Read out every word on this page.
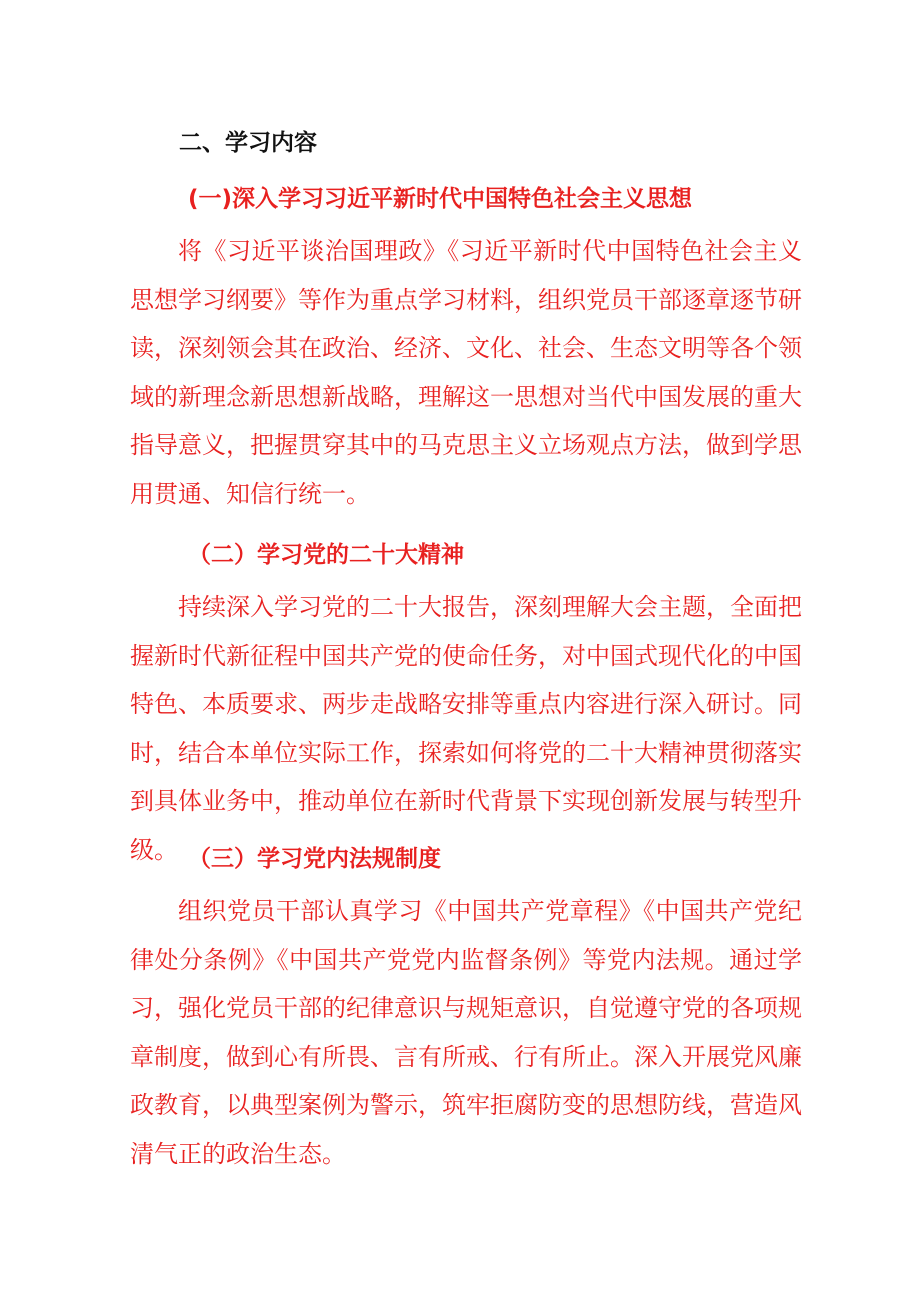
二、学习内容
(一)深入学习习近平新时代中国特色社会主义思想
将《习近平谈治国理政》《习近平新时代中国特色社会主义思想学习纲要》等作为重点学习材料，组织党员干部逐章逐节研读，深刻领会其在政治、经济、文化、社会、生态文明等各个领域的新理念新思想新战略，理解这一思想对当代中国发展的重大指导意义，把握贯穿其中的马克思主义立场观点方法，做到学思用贯通、知信行统一。
（二）学习党的二十大精神
持续深入学习党的二十大报告，深刻理解大会主题，全面把握新时代新征程中国共产党的使命任务，对中国式现代化的中国特色、本质要求、两步走战略安排等重点内容进行深入研讨。同时，结合本单位实际工作，探索如何将党的二十大精神贯彻落实到具体业务中，推动单位在新时代背景下实现创新发展与转型升级。 （三）学习党内法规制度
组织党员干部认真学习《中国共产党章程》《中国共产党纪律处分条例》《中国共产党党内监督条例》等党内法规。通过学习，强化党员干部的纪律意识与规矩意识，自觉遵守党的各项规章制度，做到心有所畏、言有所戒、行有所止。深入开展党风廉政教育，以典型案例为警示，筑牢拒腐防变的思想防线，营造风清气正的政治生态。
